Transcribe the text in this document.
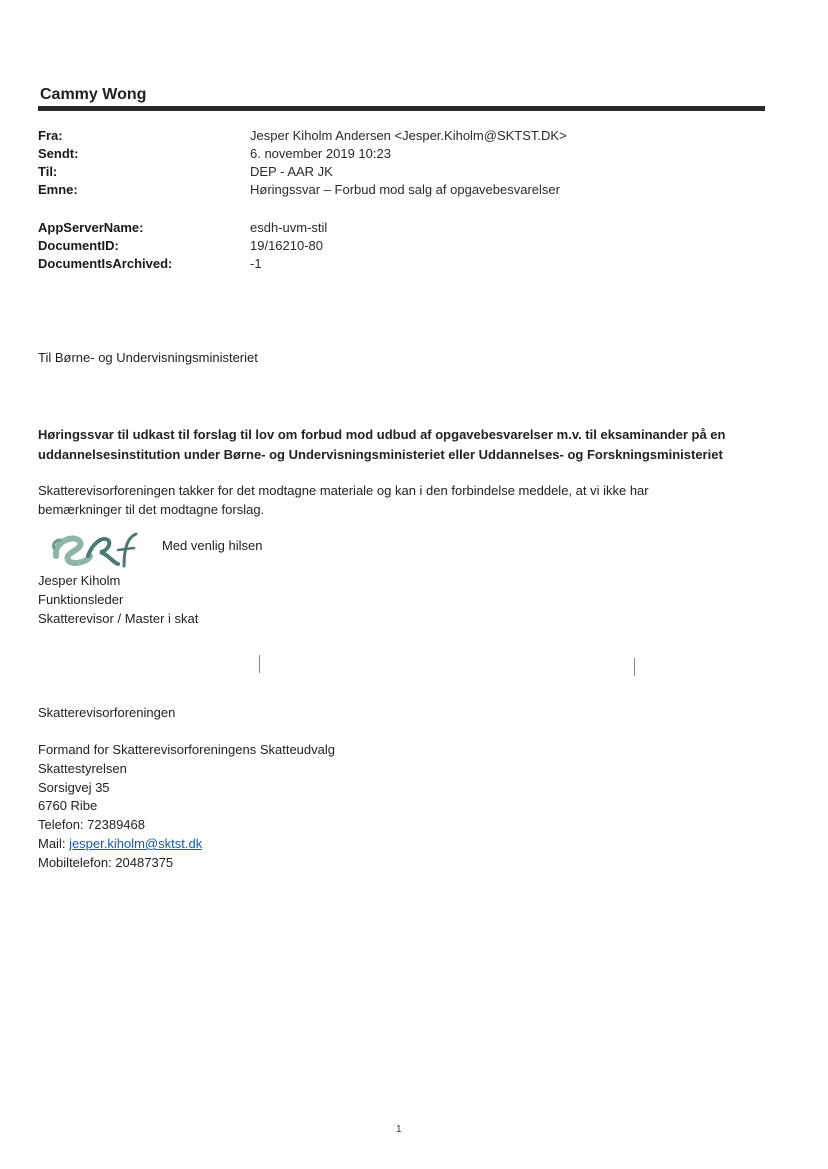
Cammy Wong
Fra:	Jesper Kiholm Andersen <Jesper.Kiholm@SKTST.DK>
Sendt:	6. november 2019 10:23
Til:	DEP - AAR JK
Emne:	Høringssvar – Forbud mod salg af opgavebesvarelser
AppServerName:	esdh-uvm-stil
DocumentID:	19/16210-80
DocumentIsArchived:	-1
Til Børne- og Undervisningsministeriet
Høringssvar til udkast til forslag til lov om forbud mod udbud af opgavebesvarelser m.v. til eksaminander på en
uddannelsesinstitution under Børne- og Undervisningsministeriet eller Uddannelses- og Forskningsministeriet
Skatterevisorforeningen takker for det modtagne materiale og kan i den forbindelse meddele, at vi ikke har
bemærkninger til det modtagne forslag.
Med venlig hilsen
Jesper Kiholm
Funktionsleder
Skatterevisor / Master i skat
Skatterevisorforeningen
Formand for Skatterevisorforeningens Skatteudvalg
Skattestyrelsen
Sorsigvej 35
6760 Ribe
Telefon: 72389468
Mail: jesper.kiholm@sktst.dk
Mobiltelefon: 20487375
1
